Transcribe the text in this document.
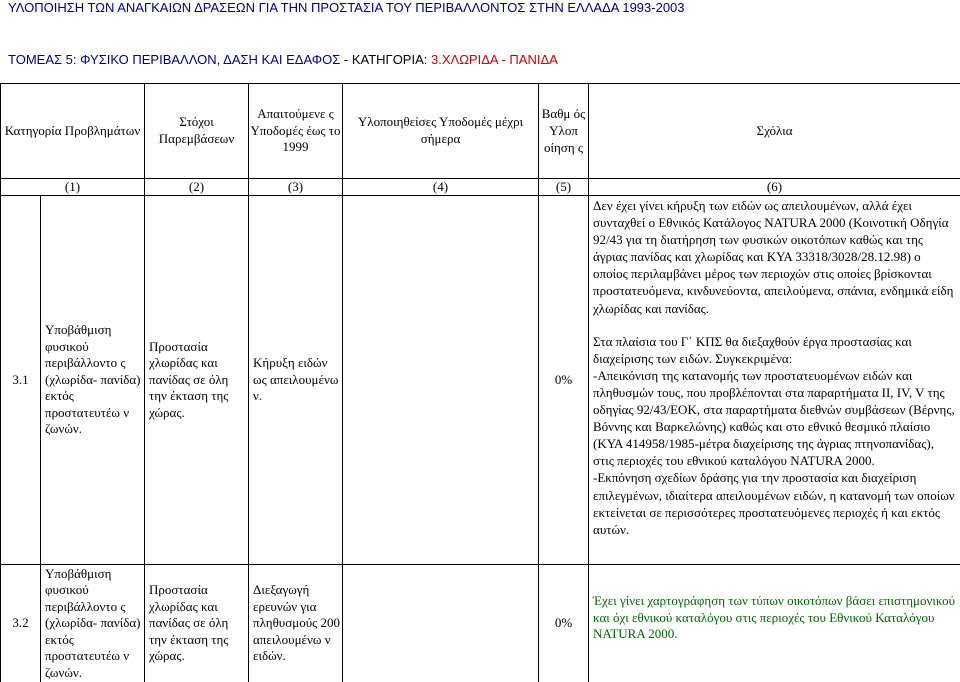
ΥΛΟΠΟΙΗΣΗ ΤΩΝ ΑΝΑΓΚΑΙΩΝ ΔΡΑΣΕΩΝ ΓΙΑ ΤΗΝ ΠΡΟΣΤΑΣΙΑ ΤΟΥ ΠΕΡΙΒΑΛΛΟΝΤΟΣ ΣΤΗΝ ΕΛΛΑΔΑ 1993-2003
ΤΟΜΕΑΣ 5: ΦΥΣΙΚΟ ΠΕΡΙΒΑΛΛΟΝ, ΔΑΣΗ ΚΑΙ ΕΔΑΦΟΣ - ΚΑΤΗΓΟΡΙΑ: 3.ΧΛΩΡΙΔΑ - ΠΑΝΙΔΑ
Κατηγορία Προβλημάτων		Στόχοι Παρεμβάσεων	Απαιτούμενε ς Υποδομές έως το 1999	Υλοποιηθείσες Υποδομές μέχρι σήμερα	Βαθμ ός Υλοπ οίηση ς	Σχόλια
(1)		(2)	(3)	(4)	(5)	(6)
3.1	Υποβάθμιση φυσικού περιβάλλοντο ς (χλωρίδα- πανίδα) εκτός προστατευτέω ν ζωνών.	Προστασία χλωρίδας και πανίδας σε όλη την έκταση της χώρας.	Κήρυξη ειδών ως απειλουμένω ν.		0%	Δεν έχει γίνει κήρυξη των ειδών ως απειλουμένων, αλλά έχει συνταχθεί ο Εθνικός Κατάλογος NATURA 2000 (Κοινοτική Οδηγία 92/43 για τη διατήρηση των φυσικών οικοτόπων καθώς και της άγριας πανίδας και χλωρίδας και ΚΥΑ 33318/3028/28.12.98) ο οποίος περιλαμβάνει μέρος των περιοχών στις οποίες βρίσκονται προστατευόμενα, κινδυνεύοντα, απειλούμενα, σπάνια, ενδημικά είδη χλωρίδας και πανίδας.
Στα πλαίσια του Γ΄ ΚΠΣ θα διεξαχθούν έργα προστασίας και διαχείρισης των ειδών. Συγκεκριμένα:
-Απεικόνιση της κατανομής των προστατευομένων ειδών και πληθυσμών τους, που προβλέπονται στα παραρτήματα II, IV, V της οδηγίας 92/43/ΕΟΚ, στα παραρτήματα διεθνών συμβάσεων (Βέρνης, Βόννης και Βαρκελώνης) καθώς και στο εθνικό θεσμικό πλαίσιο (ΚΥΑ 414958/1985-μέτρα διαχείρισης της άγριας πτηνοπανίδας), στις περιοχές του εθνικού καταλόγου NATURA 2000.
-Εκπόνηση σχεδίων δράσης για την προστασία και διαχείριση επιλεγμένων, ιδιαίτερα απειλουμένων ειδών, η κατανομή των οποίων εκτείνεται σε περισσότερες προστατευόμενες περιοχές ή και εκτός αυτών.

3.2	Υποβάθμιση φυσικού περιβάλλοντο ς (χλωρίδα- πανίδα) εκτός προστατευτέω ν ζωνών.	Προστασία χλωρίδας και πανίδας σε όλη την έκταση της χώρας.	Διεξαγωγή ερευνών για πληθυσμούς 200 απειλουμένω ν ειδών.		0%	Έχει γίνει χαρτογράφηση των τύπων οικοτόπων βάσει επιστημονικού και όχι εθνικού καταλόγου στις περιοχές του Εθνικού Καταλόγου NATURA 2000.
